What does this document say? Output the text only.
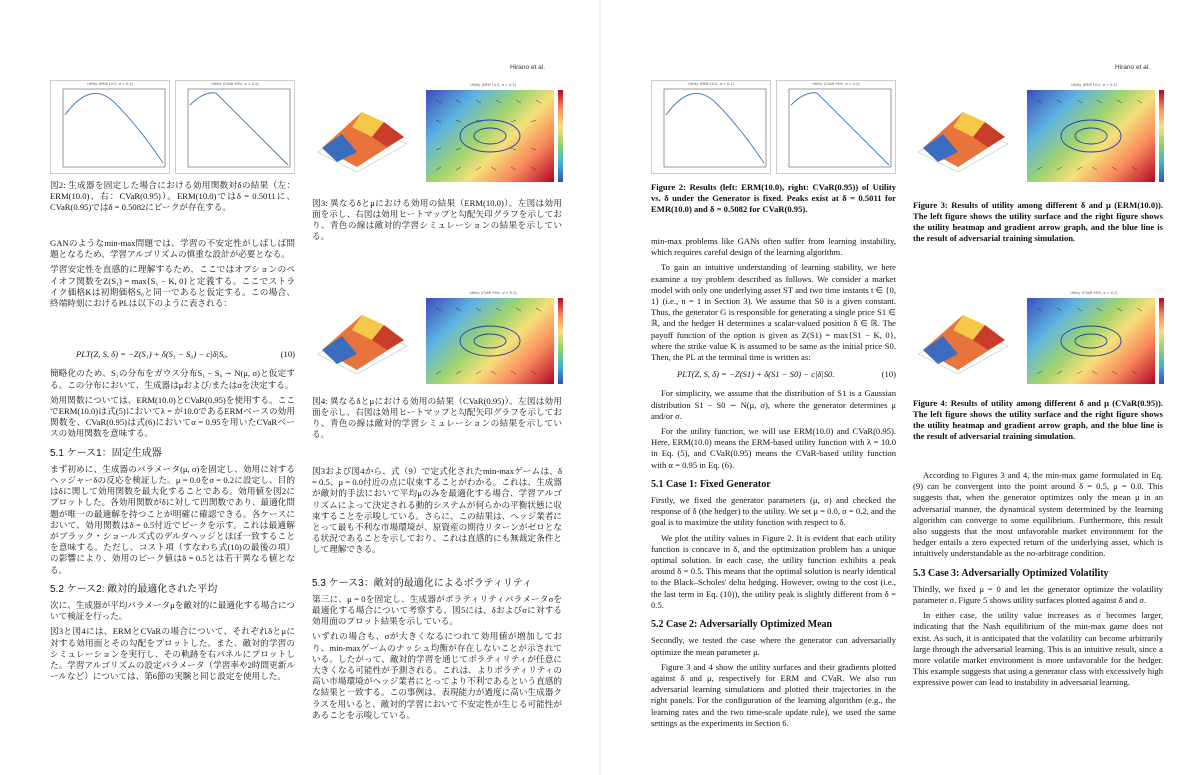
Hirano et al.
Utility (ERM 10.0, σ = 0.2)	Utility (CVaR 95%, σ = 0.2)	Utility (ERM 10.0, σ = 0.2)
図2: 生成器を固定した場合における効用関数対δの結果（左：ERM(10.0)、右：CVaR(0.95)）。ERM(10.0)ではδ = 0.5011に、CVaR(0.95)ではδ = 0.5082にピークが存在する。	図3: 異なるδとμにおける効用の結果（ERM(10.0)）。左図は効用面を示し、右図は効用ヒートマップと勾配矢印グラフを示しており、青色の線は敵対的学習シミュレーションの結果を示している。
Utility (CVaR 95%, σ = 0.2)
図4: 異なるδとμにおける効用の結果（CVaR(0.95)）。左図は効用面を示し、右図は効用ヒートマップと勾配矢印グラフを示しており、青色の線は敵対的学習シミュレーションの結果を示している。

GANのようなmin-max問題では、学習の不安定性がしばしば問題となるため、学習アルゴリズムの慎重な設計が必要となる。

学習安定性を直感的に理解するため、ここではオプションのペイオフ関数をZ(S₁) = max{S₁ − K, 0}と定義する。ここでストライク価格Kは初期価格S₀と同一であると仮定する。この場合、終端時刻におけるPLは以下のように表される：

PLT(Z, S, δ) = −Z(S₁) + δ(S₁ − S₀) − c|δ|S₀.	(10)

簡略化のため、S₁の分布をガウス分布S₁ − S₀ ∼ N(μ, σ)と仮定する。この分布において、生成器はμおよび/またはσを決定する。

効用関数については、ERM(10.0)とCVaR(0.95)を使用する。ここでERM(10.0)は式(5)においてλ = が10.0であるERMベースの効用関数を、CVaR(0.95)は式(6)においてα = 0.95を用いたCVaRベースの効用関数を意味する。

5.1 ケース1：固定生成器

まず初めに、生成器のパラメータ(μ, σ)を固定し、効用に対するヘッジャーδの反応を検証した。μ = 0.0をσ = 0.2に設定し、目的はδに関して効用関数を最大化することである。効用値を図2にプロットした。各効用関数がδに対して凹関数であり、最適化問題が唯一の最適解を持つことが明確に確認できる。各ケースにおいて、効用関数はδ = 0.5付近でピークを示す。これは最適解がブラック・ショールズ式のデルタヘッジとほぼ一致することを意味する。ただし、コスト項（すなわち式(10)の最後の項）の影響により、効用のピーク値はδ = 0.5とは若干異なる値となる。

5.2 ケース2: 敵対的最適化された平均

次に、生成器が平均パラメータμを敵対的に最適化する場合について検証を行った。

図3と図4には、ERMとCVaRの場合について、それぞれδとμに対する効用面とその勾配をプロットした。また、敵対的学習のシミュレーションを実行し、その軌跡を右パネルにプロットした。学習アルゴリズムの設定パラメータ（学習率や2時間更新ルールなど）については、第6節の実験と同じ設定を使用した。

図3および図4から、式（9）で定式化されたmin-maxゲームは、δ = 0.5、μ = 0.0付近の点に収束することがわかる。これは、生成器が敵対的手法において平均μのみを最適化する場合、学習アルゴリズムによって決定される動的システムが何らかの平衡状態に収束することを示唆している。さらに、この結果は、ヘッジ業者にとって最も不利な市場環境が、原資産の期待リターンがゼロとなる状況であることを示しており、これは直感的にも無裁定条件として理解できる。

5.3 ケース3：敵対的最適化によるボラティリティ

第三に、μ = 0を固定し、生成器がボラティリティパラメータσを最適化する場合について考察する。図5には、δおよびσに対する効用面のプロット結果を示している。

いずれの場合も、σが大きくなるにつれて効用値が増加しており、min-maxゲームのナッシュ均衡が存在しないことが示されている。したがって、敵対的学習を通じてボラティリティが任意に大きくなる可能性が予測される。これは、よりボラティリティの高い市場環境がヘッジ業者にとってより不利であるという直感的な結果と一致する。この事例は、表現能力が過度に高い生成器クラスを用いると、敵対的学習において不安定性が生じる可能性があることを示唆している。

Hirano et al.
Utility (ERM 10.0, σ = 0.2)	Utility (CVaR 95%, σ = 0.2)	Utility (ERM 10.0, σ = 0.2)
Figure 2: Results (left: ERM(10.0), right: CVaR(0.95)) of Utility vs. δ under the Generator is fixed. Peaks exist at δ = 0.5011 for EMR(10.0) and δ = 0.5082 for CVaR(0.95).	Figure 3: Results of utility among different δ and μ (ERM(10.0)). The left figure shows the utility surface and the right figure shows the utility heatmap and gradient arrow graph, and the blue line is the result of adversarial training simulation.
Utility (CVaR 95%, σ = 0.2)
Figure 4: Results of utility among different δ and μ (CVaR(0.95)). The left figure shows the utility surface and the right figure shows the utility heatmap and gradient arrow graph, and the blue line is the result of adversarial training simulation.

min-max problems like GANs often suffer from learning instability, which requires careful design of the learning algorithm.

To gain an intuitive understanding of learning stability, we here examine a toy problem described as follows. We consider a market model with only one underlying asset ST and two time instants t ∈ {0, 1} (i.e., n = 1 in Section 3). We assume that S0 is a given constant. Thus, the generator G is responsible for generating a single price S1 ∈ ℝ, and the hedger H determines a scalar-valued position δ ∈ ℝ. The payoff function of the option is given as Z(S1) = max{S1 − K, 0}, where the strike value K is assumed to be same as the initial price S0. Then, the PL at the terminal time is written as:

PLT(Z, S, δ) = −Z(S1) + δ(S1 − S0) − c|δ|S0.	(10)

For simplicity, we assume that the distribution of S1 is a Gaussian distribution S1 − S0 ∼ N(μ, σ), where the generator determines μ and/or σ.

For the utility function, we will use ERM(10.0) and CVaR(0.95). Here, ERM(10.0) means the ERM-based utility function with λ = 10.0 in Eq. (5), and CVaR(0.95) means the CVaR-based utility function with α = 0.95 in Eq. (6).

5.1 Case 1: Fixed Generator

Firstly, we fixed the generator parameters (μ, σ) and checked the response of δ (the hedger) to the utility. We set μ = 0.0, σ = 0.2, and the goal is to maximize the utility function with respect to δ.

We plot the utility values in Figure 2. It is evident that each utility function is concave in δ, and the optimization problem has a unique optimal solution. In each case, the utility function exhibits a peak around δ = 0.5. This means that the optimal solution is nearly identical to the Black–Scholes' delta hedging. However, owing to the cost (i.e., the last term in Eq. (10)), the utility peak is slightly different from δ = 0.5.

5.2 Case 2: Adversarially Optimized Mean

Secondly, we tested the case where the generator can adversarially optimize the mean parameter μ.

Figure 3 and 4 show the utility surfaces and their gradients plotted against δ and μ, respectively for ERM and CVaR. We also run adversarial learning simulations and plotted their trajectories in the right panels. For the configuration of the learning algorithm (e.g., the learning rates and the two time-scale update rule), we used the same settings as the experiments in Section 6.

According to Figures 3 and 4, the min-max game formulated in Eq. (9) can be convergent into the point around δ = 0.5, μ = 0.0. This suggests that, when the generator optimizes only the mean μ in an adversarial manner, the dynamical system determined by the learning algorithm can converge to some equilibrium. Furthermore, this result also suggests that the most unfavorable market environment for the hedger entails a zero expected return of the underlying asset, which is intuitively understandable as the no-arbitrage condition.

5.3 Case 3: Adversarially Optimized Volatility

Thirdly, we fixed μ = 0 and let the generator optimize the volatility parameter σ. Figure 5 shows utility surfaces plotted against δ and σ.

In either case, the utility value increases as σ becomes larger, indicating that the Nash equilibrium of the min-max game does not exist. As such, it is anticipated that the volatility can become arbitrarily large through the adversarial learning. This is an intuitive result, since a more volatile market environment is more unfavorable for the hedger. This example suggests that using a generator class with excessively high expressive power can lead to instability in adversarial learning.
